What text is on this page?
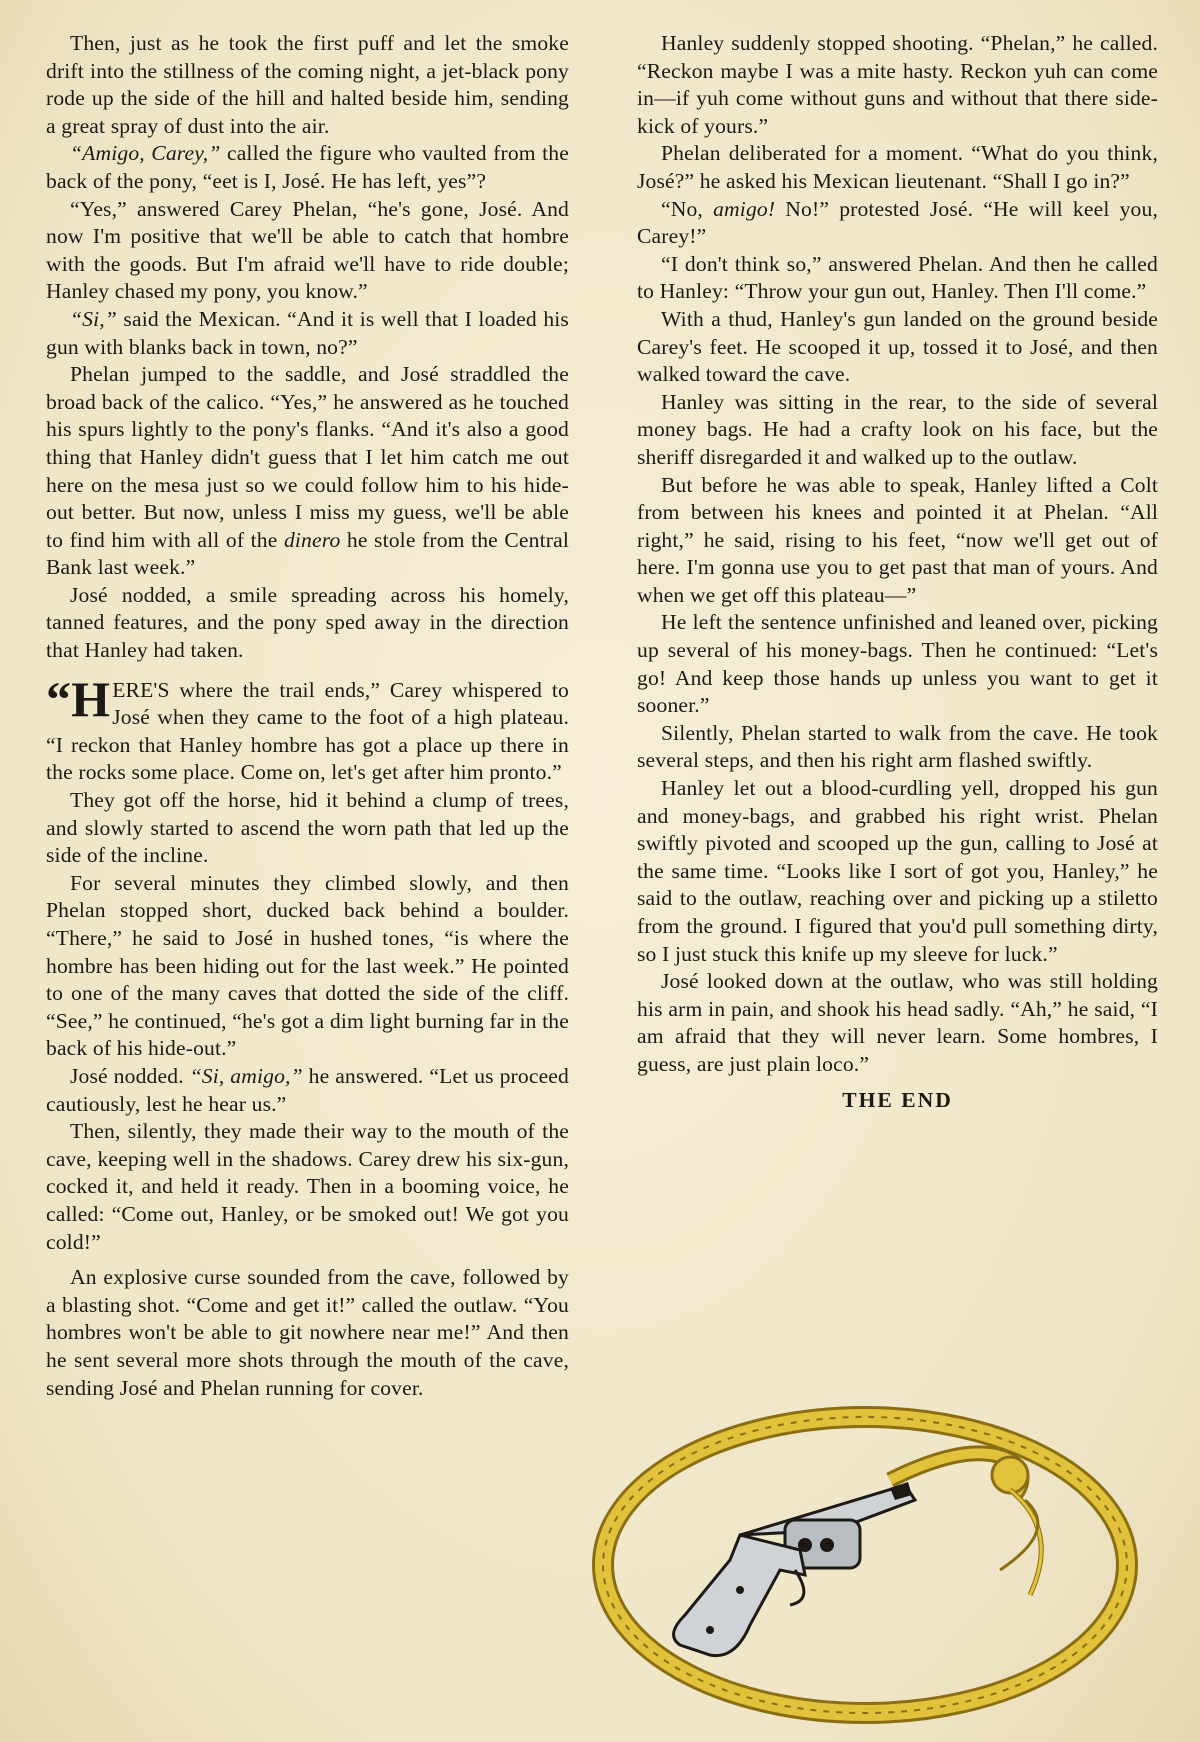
Then, just as he took the first puff and let the smoke drift into the stillness of the coming night, a jet-black pony rode up the side of the hill and halted beside him, sending a great spray of dust into the air.

“Amigo, Carey,” called the figure who vaulted from the back of the pony, “eet is I, José. He has left, yes”?

“Yes,” answered Carey Phelan, “he's gone, José. And now I'm positive that we'll be able to catch that hombre with the goods. But I'm afraid we'll have to ride double; Hanley chased my pony, you know.”

“Si,” said the Mexican. “And it is well that I loaded his gun with blanks back in town, no?”

Phelan jumped to the saddle, and José straddled the broad back of the calico. “Yes,” he answered as he touched his spurs lightly to the pony's flanks. “And it's also a good thing that Hanley didn't guess that I let him catch me out here on the mesa just so we could follow him to his hide-out better. But now, unless I miss my guess, we'll be able to find him with all of the dinero he stole from the Central Bank last week.”

José nodded, a smile spreading across his homely, tanned features, and the pony sped away in the direction that Hanley had taken.

“HERE'S where the trail ends,” Carey whispered to José when they came to the foot of a high plateau. “I reckon that Hanley hombre has got a place up there in the rocks some place. Come on, let's get after him pronto.”

They got off the horse, hid it behind a clump of trees, and slowly started to ascend the worn path that led up the side of the incline.

For several minutes they climbed slowly, and then Phelan stopped short, ducked back behind a boulder. “There,” he said to José in hushed tones, “is where the hombre has been hiding out for the last week.” He pointed to one of the many caves that dotted the side of the cliff. “See,” he continued, “he's got a dim light burning far in the back of his hide-out.”

José nodded. “Si, amigo,” he answered. “Let us proceed cautiously, lest he hear us.”

Then, silently, they made their way to the mouth of the cave, keeping well in the shadows. Carey drew his six-gun, cocked it, and held it ready. Then in a booming voice, he called: “Come out, Hanley, or be smoked out! We got you cold!”

An explosive curse sounded from the cave, followed by a blasting shot. “Come and get it!” called the outlaw. “You hombres won't be able to git nowhere near me!” And then he sent several more shots through the mouth of the cave, sending José and Phelan running for cover.

Hanley suddenly stopped shooting. “Phelan,” he called. “Reckon maybe I was a mite hasty. Reckon yuh can come in—if yuh come without guns and without that there side-kick of yours.”

Phelan deliberated for a moment. “What do you think, José?” he asked his Mexican lieutenant. “Shall I go in?”

“No, amigo! No!” protested José. “He will keel you, Carey!”

“I don't think so,” answered Phelan. And then he called to Hanley: “Throw your gun out, Hanley. Then I'll come.”

With a thud, Hanley's gun landed on the ground beside Carey's feet. He scooped it up, tossed it to José, and then walked toward the cave.

Hanley was sitting in the rear, to the side of several money bags. He had a crafty look on his face, but the sheriff disregarded it and walked up to the outlaw.

But before he was able to speak, Hanley lifted a Colt from between his knees and pointed it at Phelan. “All right,” he said, rising to his feet, “now we'll get out of here. I'm gonna use you to get past that man of yours. And when we get off this plateau—”

He left the sentence unfinished and leaned over, picking up several of his money-bags. Then he continued: “Let's go! And keep those hands up unless you want to get it sooner.”

Silently, Phelan started to walk from the cave. He took several steps, and then his right arm flashed swiftly.

Hanley let out a blood-curdling yell, dropped his gun and money-bags, and grabbed his right wrist. Phelan swiftly pivoted and scooped up the gun, calling to José at the same time. “Looks like I sort of got you, Hanley,” he said to the outlaw, reaching over and picking up a stiletto from the ground. I figured that you'd pull something dirty, so I just stuck this knife up my sleeve for luck.”

José looked down at the outlaw, who was still holding his arm in pain, and shook his head sadly. “Ah,” he said, “I am afraid that they will never learn. Some hombres, I guess, are just plain loco.”

THE END
